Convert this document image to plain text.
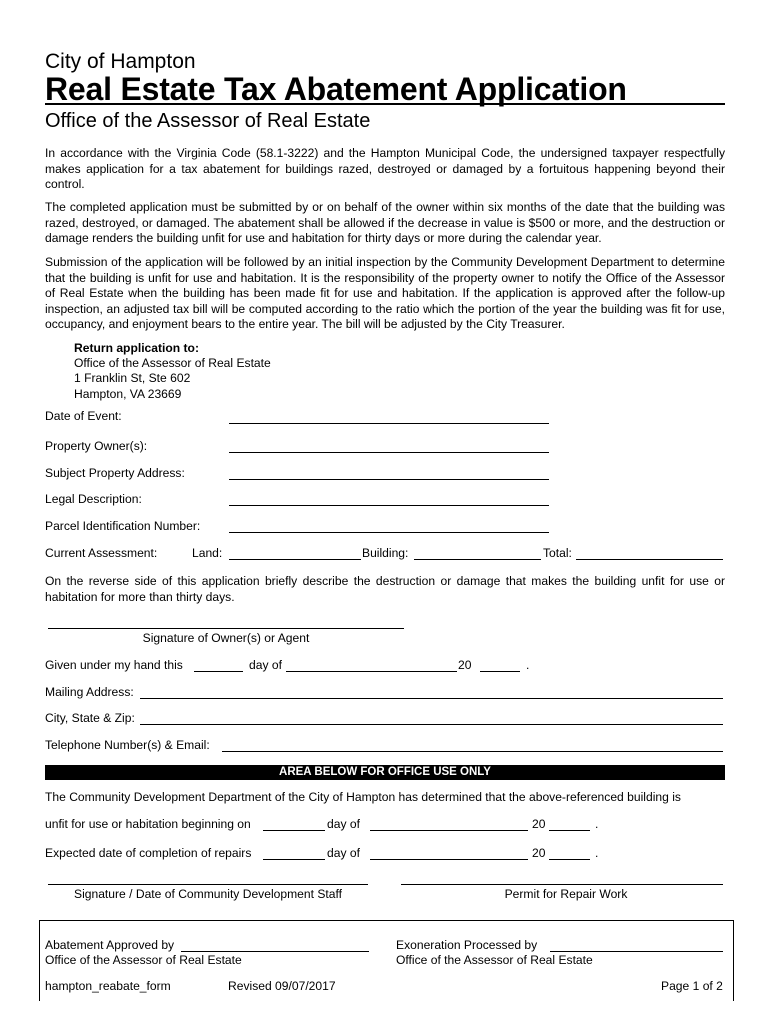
City of Hampton
Real Estate Tax Abatement Application
Office of the Assessor of Real Estate
In accordance with the Virginia Code (58.1-3222) and the Hampton Municipal Code, the undersigned taxpayer respectfully makes application for a tax abatement for buildings razed, destroyed or damaged by a fortuitous happening beyond their control.
The completed application must be submitted by or on behalf of the owner within six months of the date that the building was razed, destroyed, or damaged. The abatement shall be allowed if the decrease in value is $500 or more, and the destruction or damage renders the building unfit for use and habitation for thirty days or more during the calendar year.
Submission of the application will be followed by an initial inspection by the Community Development Department to determine that the building is unfit for use and habitation. It is the responsibility of the property owner to notify the Office of the Assessor of Real Estate when the building has been made fit for use and habitation. If the application is approved after the follow-up inspection, an adjusted tax bill will be computed according to the ratio which the portion of the year the building was fit for use, occupancy, and enjoyment bears to the entire year. The bill will be adjusted by the City Treasurer.
Return application to:
Office of the Assessor of Real Estate
1 Franklin St, Ste 602
Hampton, VA 23669
Date of Event:
Property Owner(s):
Subject Property Address:
Legal Description:
Parcel Identification Number:
Current Assessment:	Land:	Building:	Total:
On the reverse side of this application briefly describe the destruction or damage that makes the building unfit for use or habitation for more than thirty days.
Signature of Owner(s) or Agent
Given under my hand this	day of	20	.
Mailing Address:
City, State & Zip:
Telephone Number(s) & Email:
AREA BELOW FOR OFFICE USE ONLY
The Community Development Department of the City of Hampton has determined that the above-referenced building is
unfit for use or habitation beginning on	day of	20	.
Expected date of completion of repairs	day of	20	.
Signature / Date of Community Development Staff	Permit for Repair Work
Abatement Approved by
Office of the Assessor of Real Estate
Exoneration Processed by
Office of the Assessor of Real Estate
hampton_reabate_form	Revised 09/07/2017	Page 1 of 2
